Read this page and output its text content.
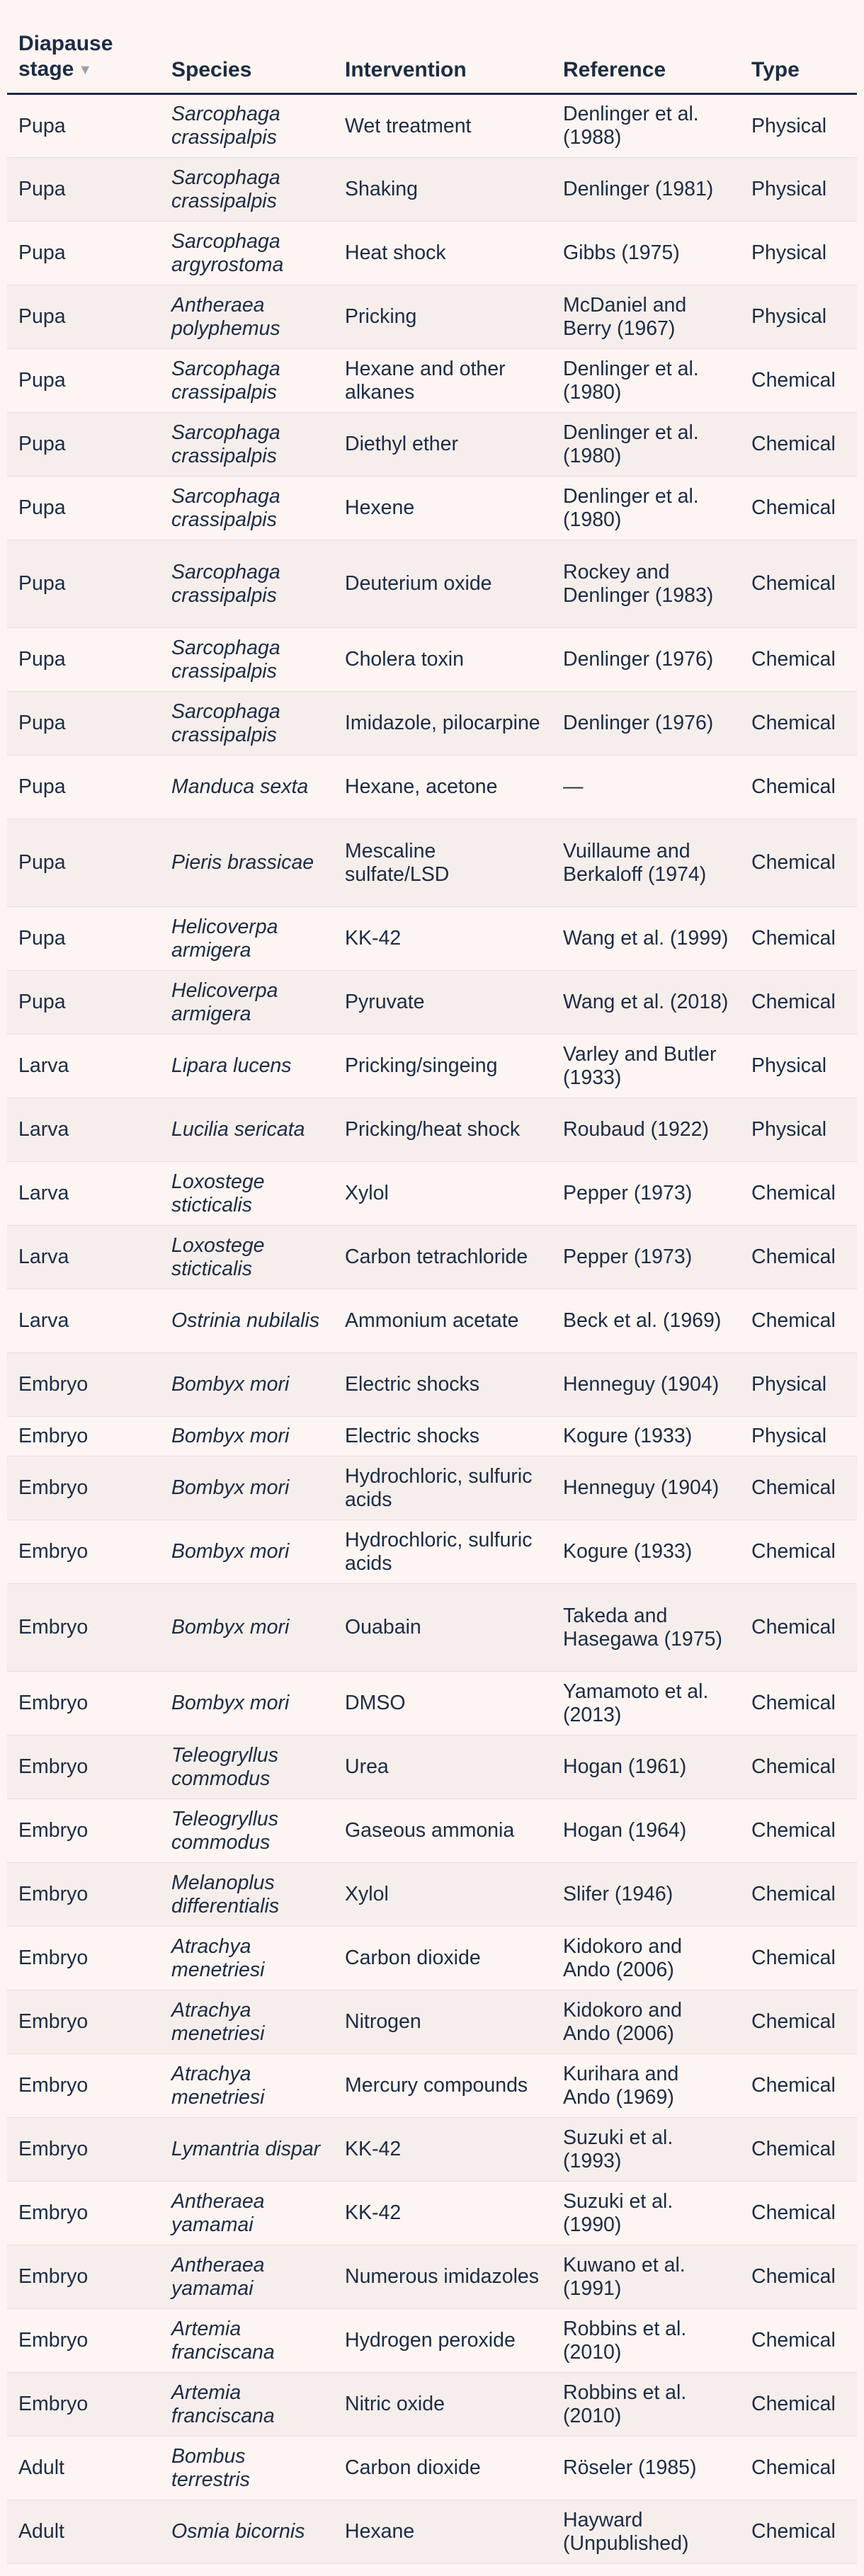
Diapause stage ▼	Species	Intervention	Reference	Type
Pupa	Sarcophaga crassipalpis	Wet treatment	Denlinger et al. (1988)	Physical
Pupa	Sarcophaga crassipalpis	Shaking	Denlinger (1981)	Physical
Pupa	Sarcophaga argyrostoma	Heat shock	Gibbs (1975)	Physical
Pupa	Antheraea polyphemus	Pricking	McDaniel and Berry (1967)	Physical
Pupa	Sarcophaga crassipalpis	Hexane and other alkanes	Denlinger et al. (1980)	Chemical
Pupa	Sarcophaga crassipalpis	Diethyl ether	Denlinger et al. (1980)	Chemical
Pupa	Sarcophaga crassipalpis	Hexene	Denlinger et al. (1980)	Chemical
Pupa	Sarcophaga crassipalpis	Deuterium oxide	Rockey and Denlinger (1983)	Chemical
Pupa	Sarcophaga crassipalpis	Cholera toxin	Denlinger (1976)	Chemical
Pupa	Sarcophaga crassipalpis	Imidazole, pilocarpine	Denlinger (1976)	Chemical
Pupa	Manduca sexta	Hexane, acetone	—	Chemical
Pupa	Pieris brassicae	Mescaline sulfate/LSD	Vuillaume and Berkaloff (1974)	Chemical
Pupa	Helicoverpa armigera	KK-42	Wang et al. (1999)	Chemical
Pupa	Helicoverpa armigera	Pyruvate	Wang et al. (2018)	Chemical
Larva	Lipara lucens	Pricking/singeing	Varley and Butler (1933)	Physical
Larva	Lucilia sericata	Pricking/heat shock	Roubaud (1922)	Physical
Larva	Loxostege sticticalis	Xylol	Pepper (1973)	Chemical
Larva	Loxostege sticticalis	Carbon tetrachloride	Pepper (1973)	Chemical
Larva	Ostrinia nubilalis	Ammonium acetate	Beck et al. (1969)	Chemical
Embryo	Bombyx mori	Electric shocks	Henneguy (1904)	Physical
Embryo	Bombyx mori	Electric shocks	Kogure (1933)	Physical
Embryo	Bombyx mori	Hydrochloric, sulfuric acids	Henneguy (1904)	Chemical
Embryo	Bombyx mori	Hydrochloric, sulfuric acids	Kogure (1933)	Chemical
Embryo	Bombyx mori	Ouabain	Takeda and Hasegawa (1975)	Chemical
Embryo	Bombyx mori	DMSO	Yamamoto et al. (2013)	Chemical
Embryo	Teleogryllus commodus	Urea	Hogan (1961)	Chemical
Embryo	Teleogryllus commodus	Gaseous ammonia	Hogan (1964)	Chemical
Embryo	Melanoplus differentialis	Xylol	Slifer (1946)	Chemical
Embryo	Atrachya menetriesi	Carbon dioxide	Kidokoro and Ando (2006)	Chemical
Embryo	Atrachya menetriesi	Nitrogen	Kidokoro and Ando (2006)	Chemical
Embryo	Atrachya menetriesi	Mercury compounds	Kurihara and Ando (1969)	Chemical
Embryo	Lymantria dispar	KK-42	Suzuki et al. (1993)	Chemical
Embryo	Antheraea yamamai	KK-42	Suzuki et al. (1990)	Chemical
Embryo	Antheraea yamamai	Numerous imidazoles	Kuwano et al. (1991)	Chemical
Embryo	Artemia franciscana	Hydrogen peroxide	Robbins et al. (2010)	Chemical
Embryo	Artemia franciscana	Nitric oxide	Robbins et al. (2010)	Chemical
Adult	Bombus terrestris	Carbon dioxide	Röseler (1985)	Chemical
Adult	Osmia bicornis	Hexane	Hayward (Unpublished)	Chemical
